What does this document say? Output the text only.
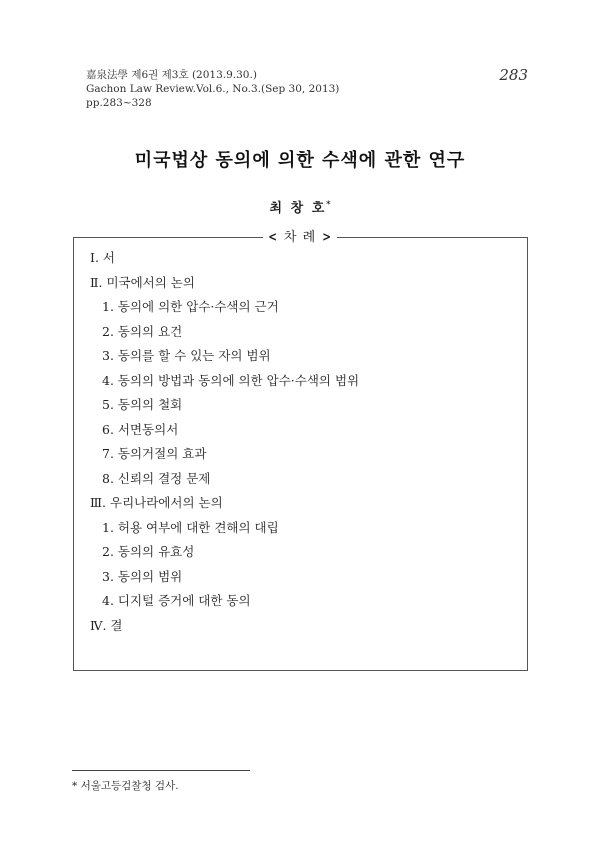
嘉泉法學 제6권 제3호 (2013.9.30.)
Gachon Law Review.Vol.6., No.3.(Sep 30, 2013)
pp.283~328
283
미국법상 동의에 의한 수색에 관한 연구
최 창 호*
< 차 례 >
Ⅰ. 서
Ⅱ. 미국에서의 논의
1. 동의에 의한 압수·수색의 근거
2. 동의의 요건
3. 동의를 할 수 있는 자의 범위
4. 동의의 방법과 동의에 의한 압수·수색의 범위
5. 동의의 철회
6. 서면동의서
7. 동의거절의 효과
8. 신뢰의 결정 문제
Ⅲ. 우리나라에서의 논의
1. 허용 여부에 대한 견해의 대립
2. 동의의 유효성
3. 동의의 범위
4. 디지털 증거에 대한 동의
Ⅳ. 결
* 서울고등검찰청 검사.
